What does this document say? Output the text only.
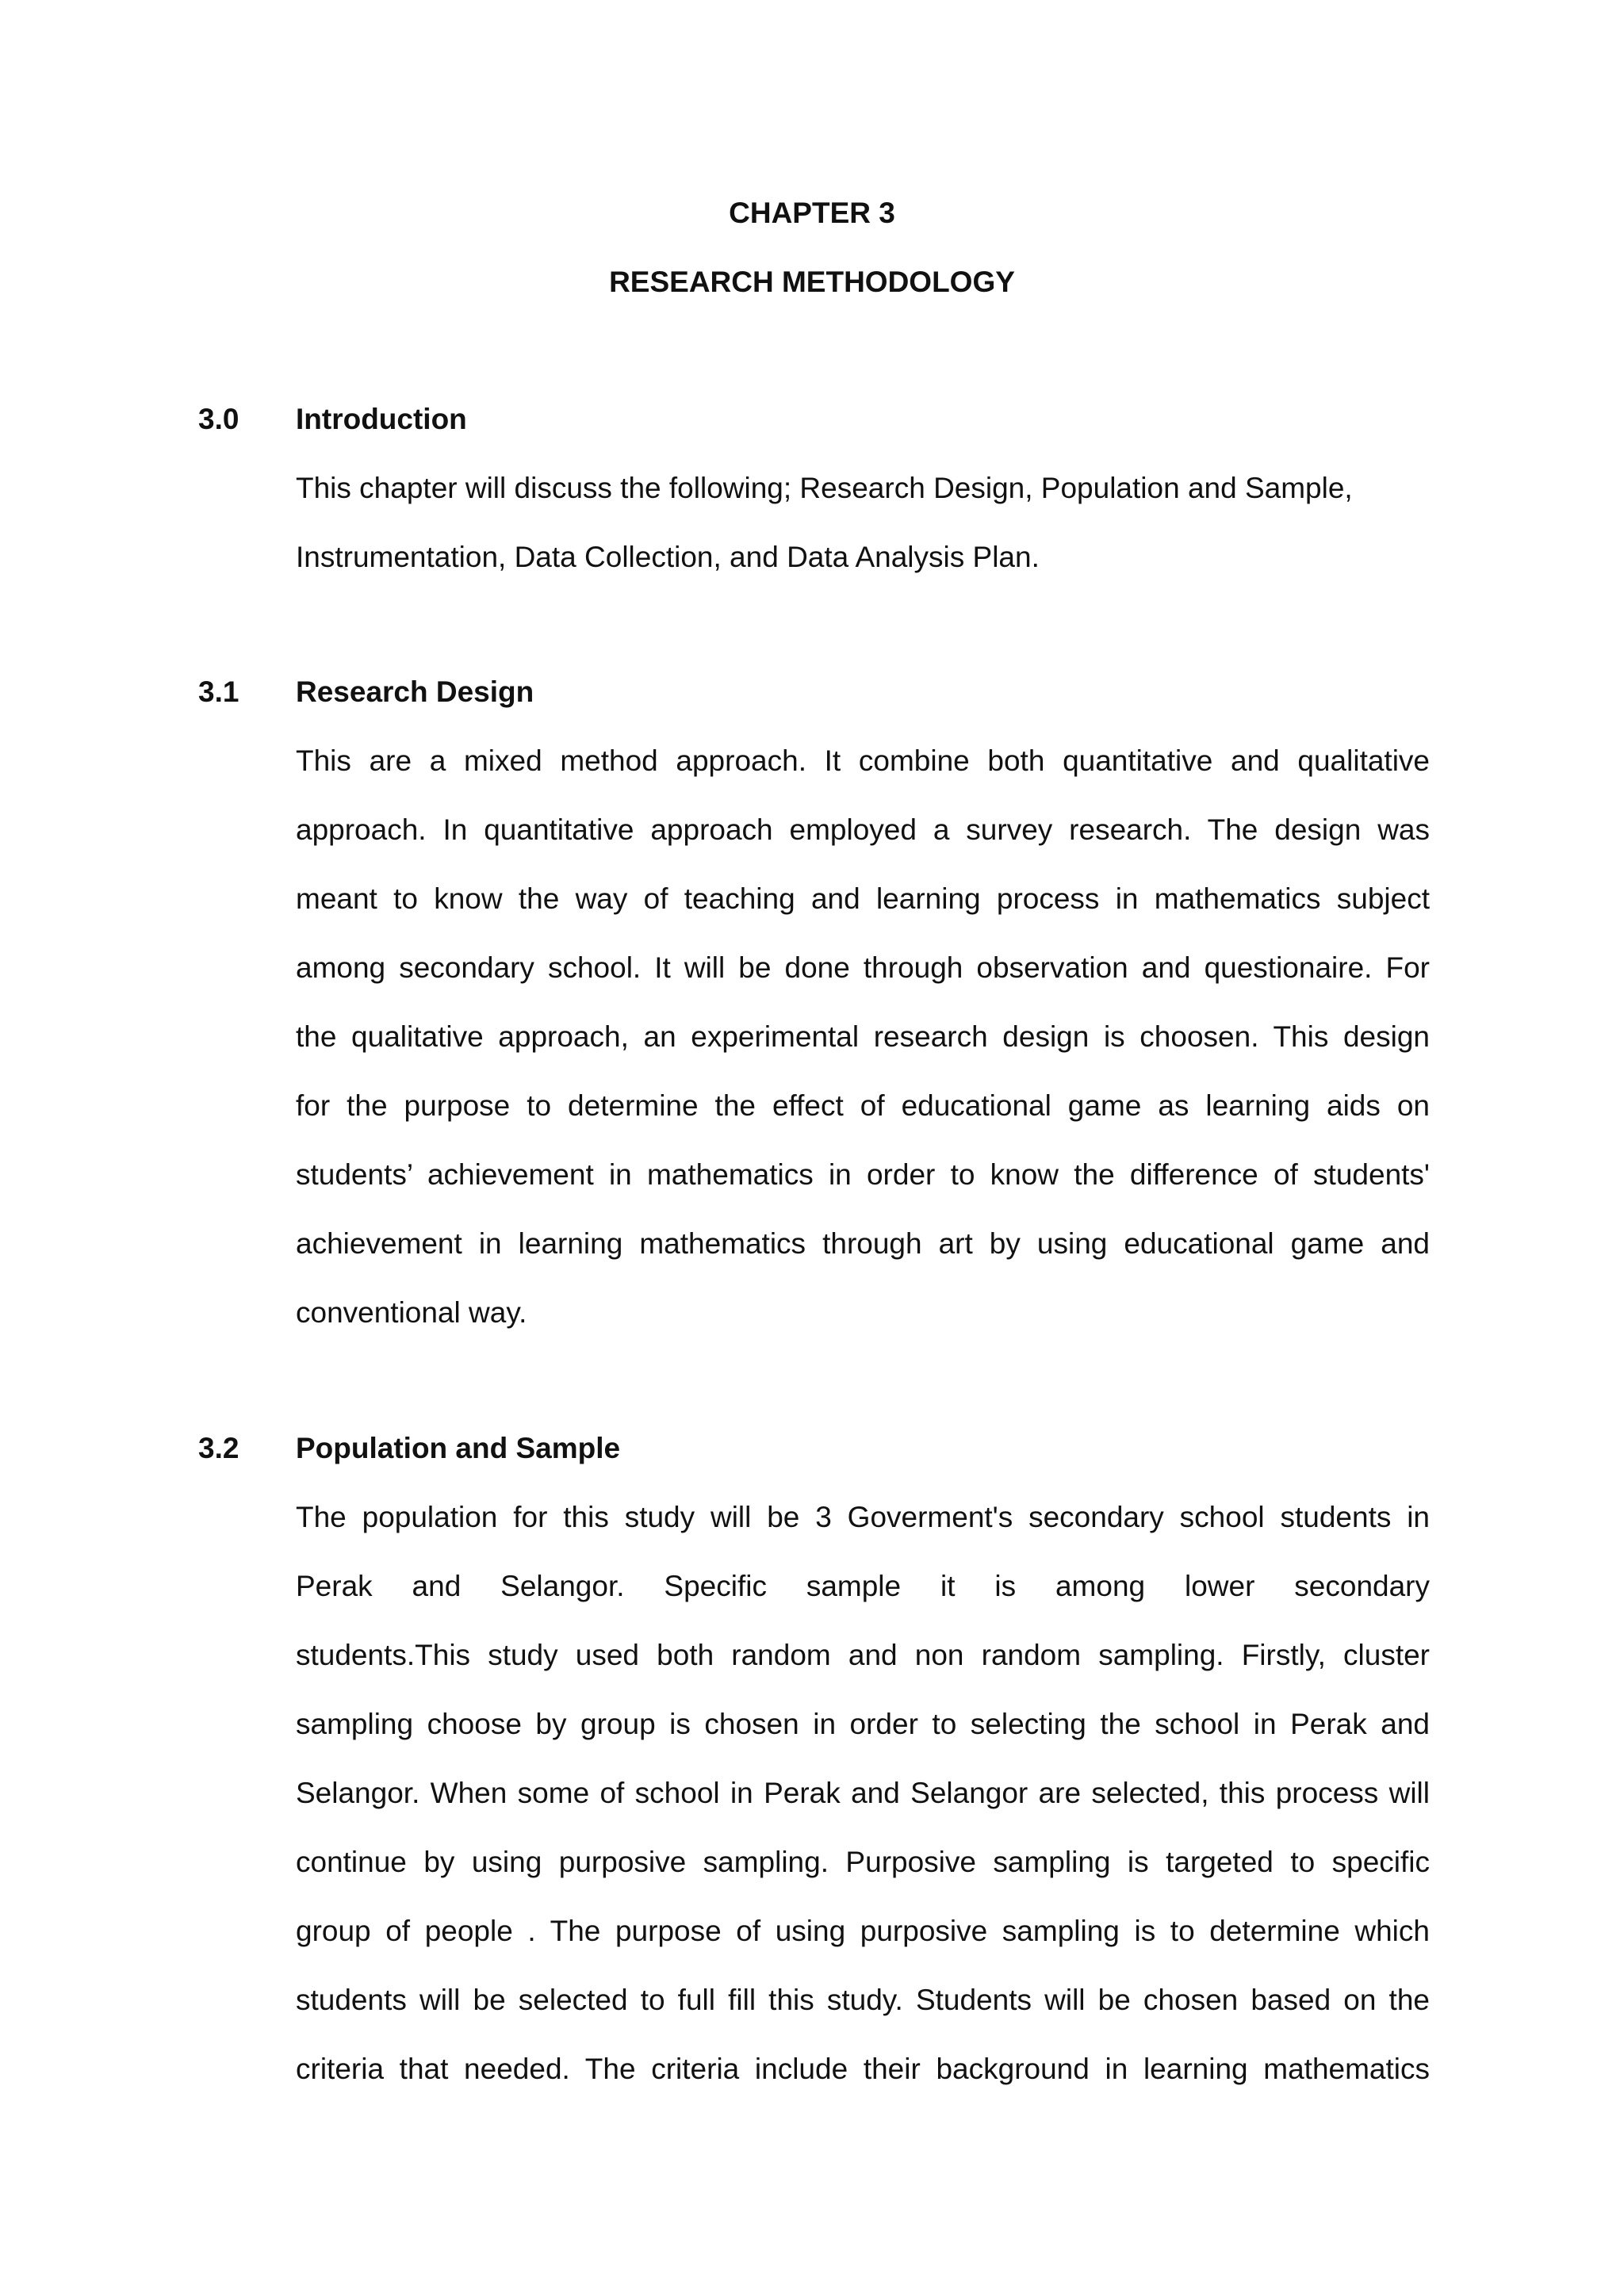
CHAPTER 3
RESEARCH METHODOLOGY
3.0 Introduction

This chapter will discuss the following; Research Design, Population and Sample,

Instrumentation, Data Collection, and Data Analysis Plan.

3.1 Research Design

This are a mixed method approach. It combine both quantitative and qualitative

approach. In quantitative approach employed a survey research. The design was

meant to know the way of teaching and learning process in mathematics subject

among secondary school. It will be done through observation and questionaire. For

the qualitative approach, an experimental research design is choosen. This design

for the purpose to determine the effect of educational game as learning aids on

students’ achievement in mathematics in order to know the difference of students'

achievement in learning mathematics through art by using educational game and

conventional way.

3.2 Population and Sample

The population for this study will be 3 Goverment's secondary school students in

Perak and Selangor. Specific sample it is among lower secondary

students.This study used both random and non random sampling. Firstly, cluster

sampling choose by group is chosen in order to selecting the school in Perak and

Selangor. When some of school in Perak and Selangor are selected, this process will

continue by using purposive sampling. Purposive sampling is targeted to specific

group of people . The purpose of using purposive sampling is to determine which

students will be selected to full fill this study. Students will be chosen based on the

criteria that needed. The criteria include their background in learning mathematics
